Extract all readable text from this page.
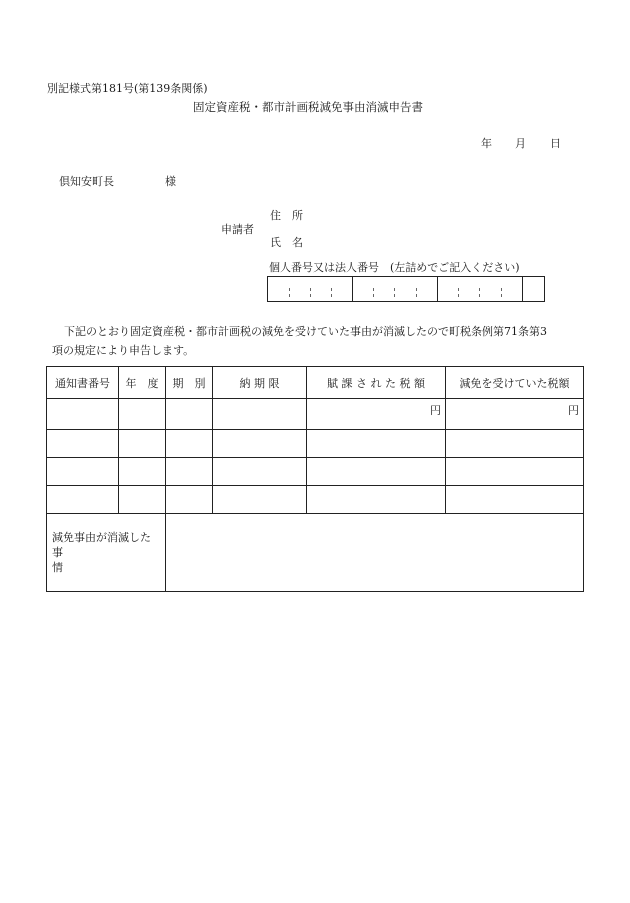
別記様式第181号(第139条関係)
固定資産税・都市計画税減免事由消滅申告書
年 月 日
倶知安町長	様
申請者
住　所
氏　名
個人番号又は法人番号　(左詰めでご記入ください)
下記のとおり固定資産税・都市計画税の減免を受けていた事由が消滅したので町税条例第71条第3
項の規定により申告します。
通知書番号	年　度	期　別	納 期 限	賦 課 さ れ た 税 額	減免を受けていた税額
				円	円

減免事由が消滅した
事
情					
